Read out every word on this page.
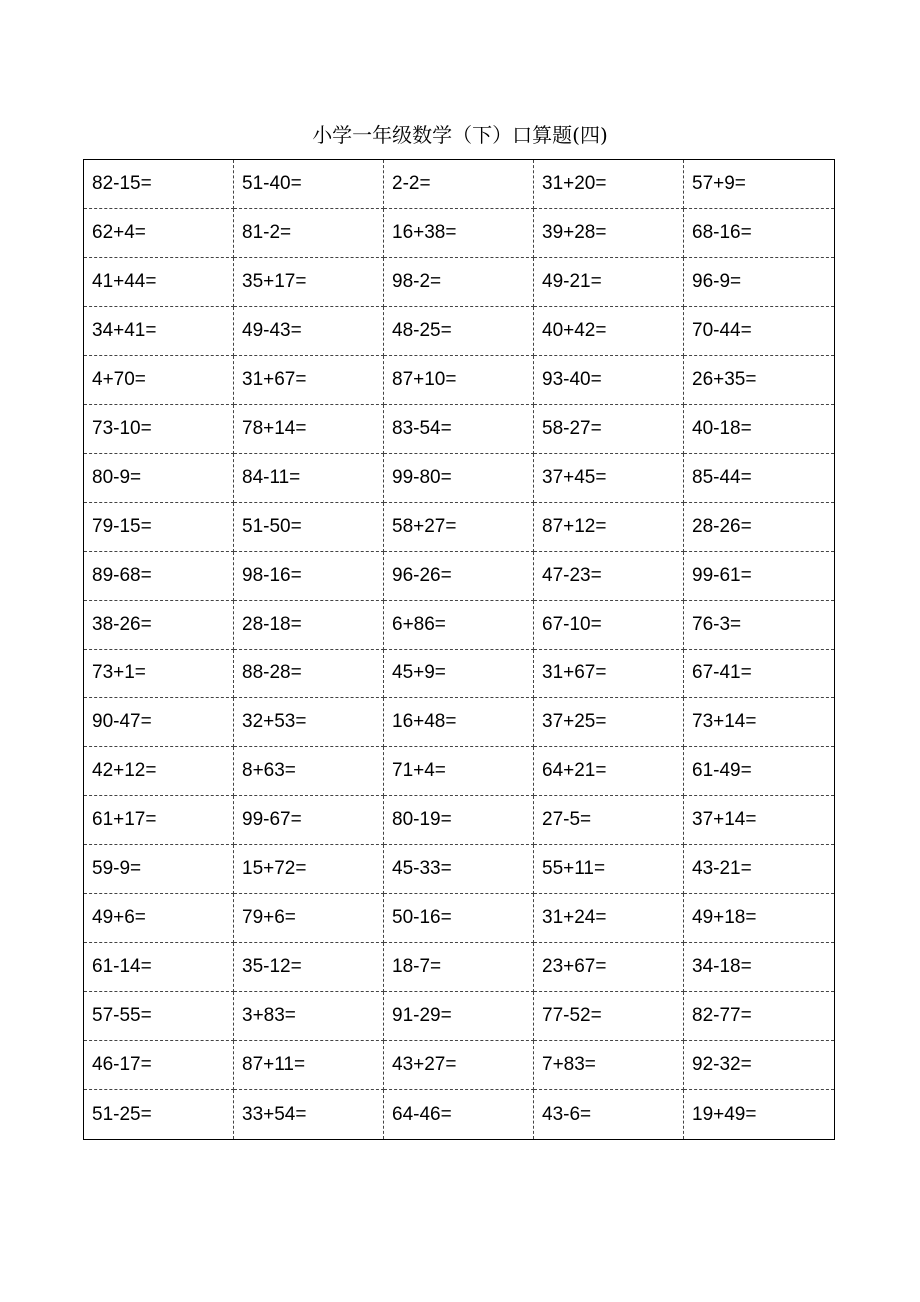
小学一年级数学（下）口算题(四)
82-15=	51-40=	2-2=	31+20=	57+9=
62+4=	81-2=	16+38=	39+28=	68-16=
41+44=	35+17=	98-2=	49-21=	96-9=
34+41=	49-43=	48-25=	40+42=	70-44=
4+70=	31+67=	87+10=	93-40=	26+35=
73-10=	78+14=	83-54=	58-27=	40-18=
80-9=	84-11=	99-80=	37+45=	85-44=
79-15=	51-50=	58+27=	87+12=	28-26=
89-68=	98-16=	96-26=	47-23=	99-61=
38-26=	28-18=	6+86=	67-10=	76-3=
73+1=	88-28=	45+9=	31+67=	67-41=
90-47=	32+53=	16+48=	37+25=	73+14=
42+12=	8+63=	71+4=	64+21=	61-49=
61+17=	99-67=	80-19=	27-5=	37+14=
59-9=	15+72=	45-33=	55+11=	43-21=
49+6=	79+6=	50-16=	31+24=	49+18=
61-14=	35-12=	18-7=	23+67=	34-18=
57-55=	3+83=	91-29=	77-52=	82-77=
46-17=	87+11=	43+27=	7+83=	92-32=
51-25=	33+54=	64-46=	43-6=	19+49=
